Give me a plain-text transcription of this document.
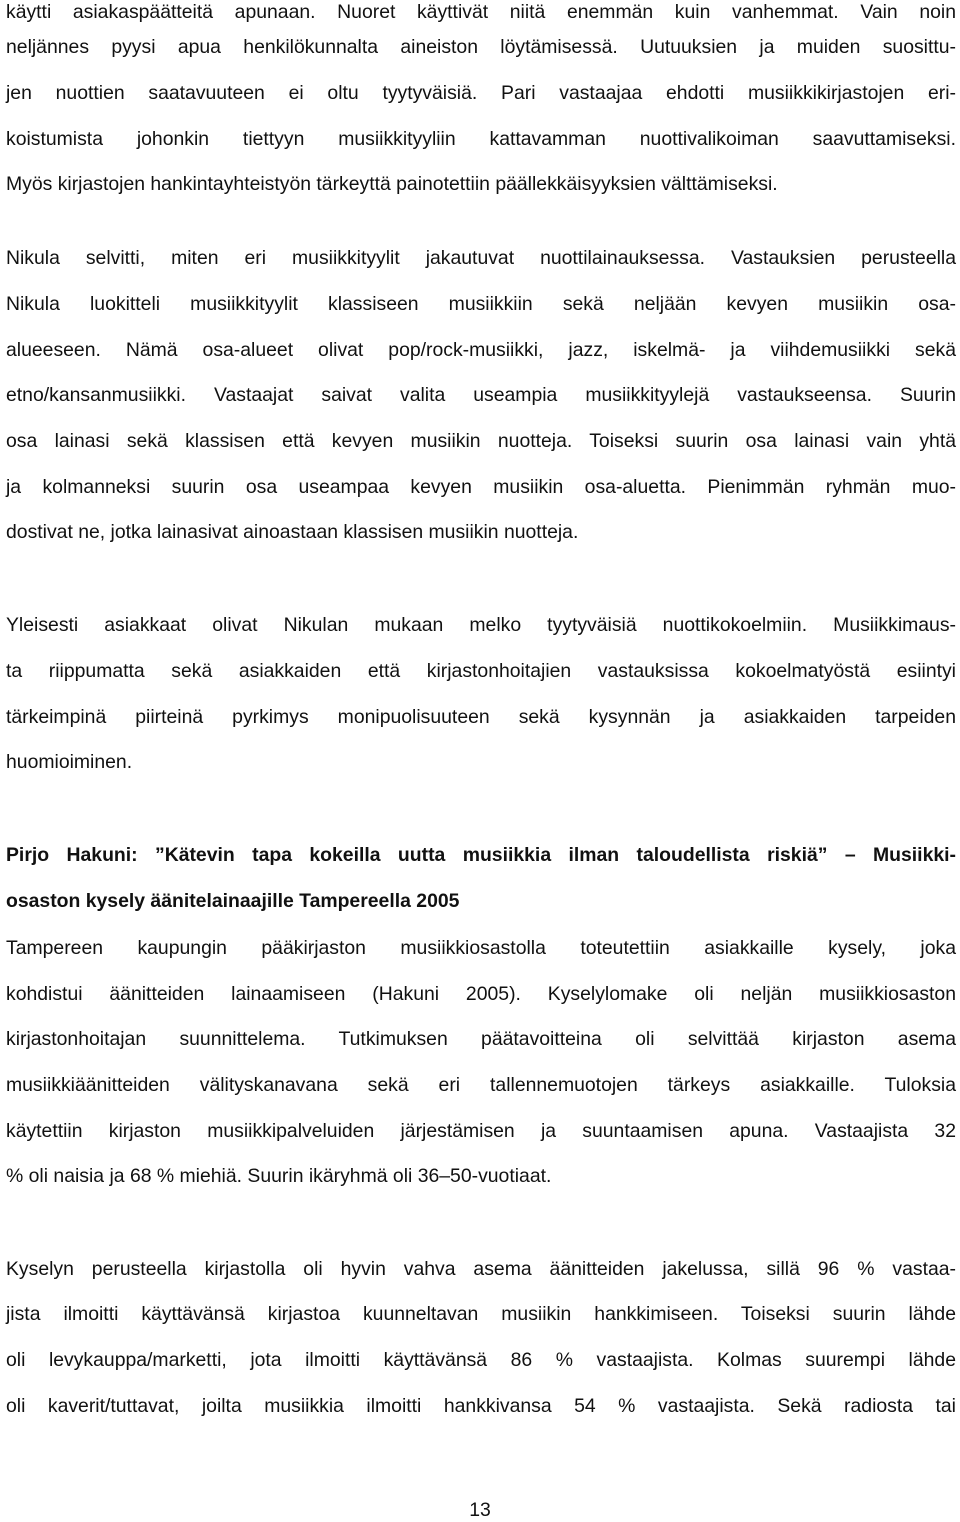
käytti asiakaspäätteitä apunaan. Nuoret käyttivät niitä enemmän kuin vanhemmat. Vain noin
neljännes pyysi apua henkilökunnalta aineiston löytämisessä. Uutuuksien ja muiden suosittu-
jen nuottien saatavuuteen ei oltu tyytyväisiä. Pari vastaajaa ehdotti musiikkikirjastojen eri-
koistumista johonkin tiettyyn musiikkityyliin kattavamman nuottivalikoiman saavuttamiseksi.
Myös kirjastojen hankintayhteistyön tärkeyttä painotettiin päällekkäisyyksien välttämiseksi.
Nikula selvitti, miten eri musiikkityylit jakautuvat nuottilainauksessa. Vastauksien perusteella
Nikula luokitteli musiikkityylit klassiseen musiikkiin sekä neljään kevyen musiikin osa-
alueeseen. Nämä osa-alueet olivat pop/rock-musiikki, jazz, iskelmä- ja viihdemusiikki sekä
etno/kansanmusiikki. Vastaajat saivat valita useampia musiikkityylejä vastaukseensa. Suurin
osa lainasi sekä klassisen että kevyen musiikin nuotteja. Toiseksi suurin osa lainasi vain yhtä
ja kolmanneksi suurin osa useampaa kevyen musiikin osa-aluetta. Pienimmän ryhmän muo-
dostivat ne, jotka lainasivat ainoastaan klassisen musiikin nuotteja.
Yleisesti asiakkaat olivat Nikulan mukaan melko tyytyväisiä nuottikokoelmiin. Musiikkimaus-
ta riippumatta sekä asiakkaiden että kirjastonhoitajien vastauksissa kokoelmatyöstä esiintyi
tärkeimpinä piirteinä pyrkimys monipuolisuuteen sekä kysynnän ja asiakkaiden tarpeiden
huomioiminen.
Pirjo Hakuni: ”Kätevin tapa kokeilla uutta musiikkia ilman taloudellista riskiä” – Musiikki-
osaston kysely äänitelainaajille Tampereella 2005
Tampereen kaupungin pääkirjaston musiikkiosastolla toteutettiin asiakkaille kysely, joka
kohdistui äänitteiden lainaamiseen (Hakuni 2005). Kyselylomake oli neljän musiikkiosaston
kirjastonhoitajan suunnittelema. Tutkimuksen päätavoitteina oli selvittää kirjaston asema
musiikkiäänitteiden välityskanavana sekä eri tallennemuotojen tärkeys asiakkaille. Tuloksia
käytettiin kirjaston musiikkipalveluiden järjestämisen ja suuntaamisen apuna. Vastaajista 32
% oli naisia ja 68 % miehiä. Suurin ikäryhmä oli 36–50-vuotiaat.
Kyselyn perusteella kirjastolla oli hyvin vahva asema äänitteiden jakelussa, sillä 96 % vastaa-
jista ilmoitti käyttävänsä kirjastoa kuunneltavan musiikin hankkimiseen. Toiseksi suurin lähde
oli levykauppa/marketti, jota ilmoitti käyttävänsä 86 % vastaajista. Kolmas suurempi lähde
oli kaverit/tuttavat, joilta musiikkia ilmoitti hankkivansa 54 % vastaajista. Sekä radiosta tai
13
